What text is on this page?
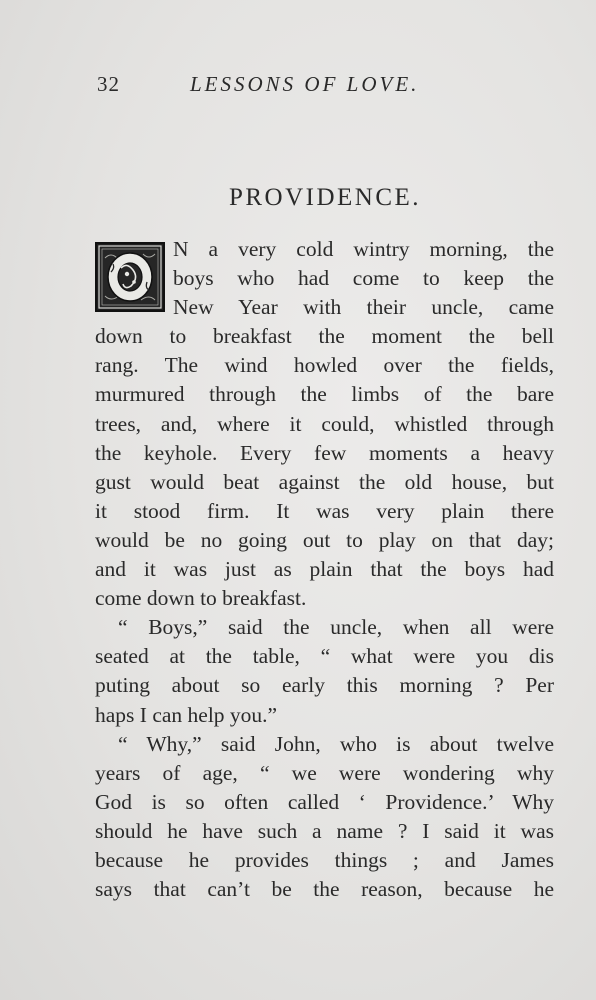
32	LESSONS OF LOVE.
PROVIDENCE.
N a very cold wintry morning, the
boys who had come to keep the
New Year with their uncle, came
down to breakfast the moment the bell
rang. The wind howled over the fields,
murmured through the limbs of the bare
trees, and, where it could, whistled through
the keyhole. Every few moments a heavy
gust would beat against the old house, but
it stood firm. It was very plain there
would be no going out to play on that day;
and it was just as plain that the boys had
come down to breakfast.
“ Boys,” said the uncle, when all were
seated at the table, “ what were you dis
puting about so early this morning ? Per
haps I can help you.”
“ Why,” said John, who is about twelve
years of age, “ we were wondering why
God is so often called ‘ Providence.’ Why
should he have such a name ? I said it was
because he provides things ; and James
says that can’t be the reason, because he
